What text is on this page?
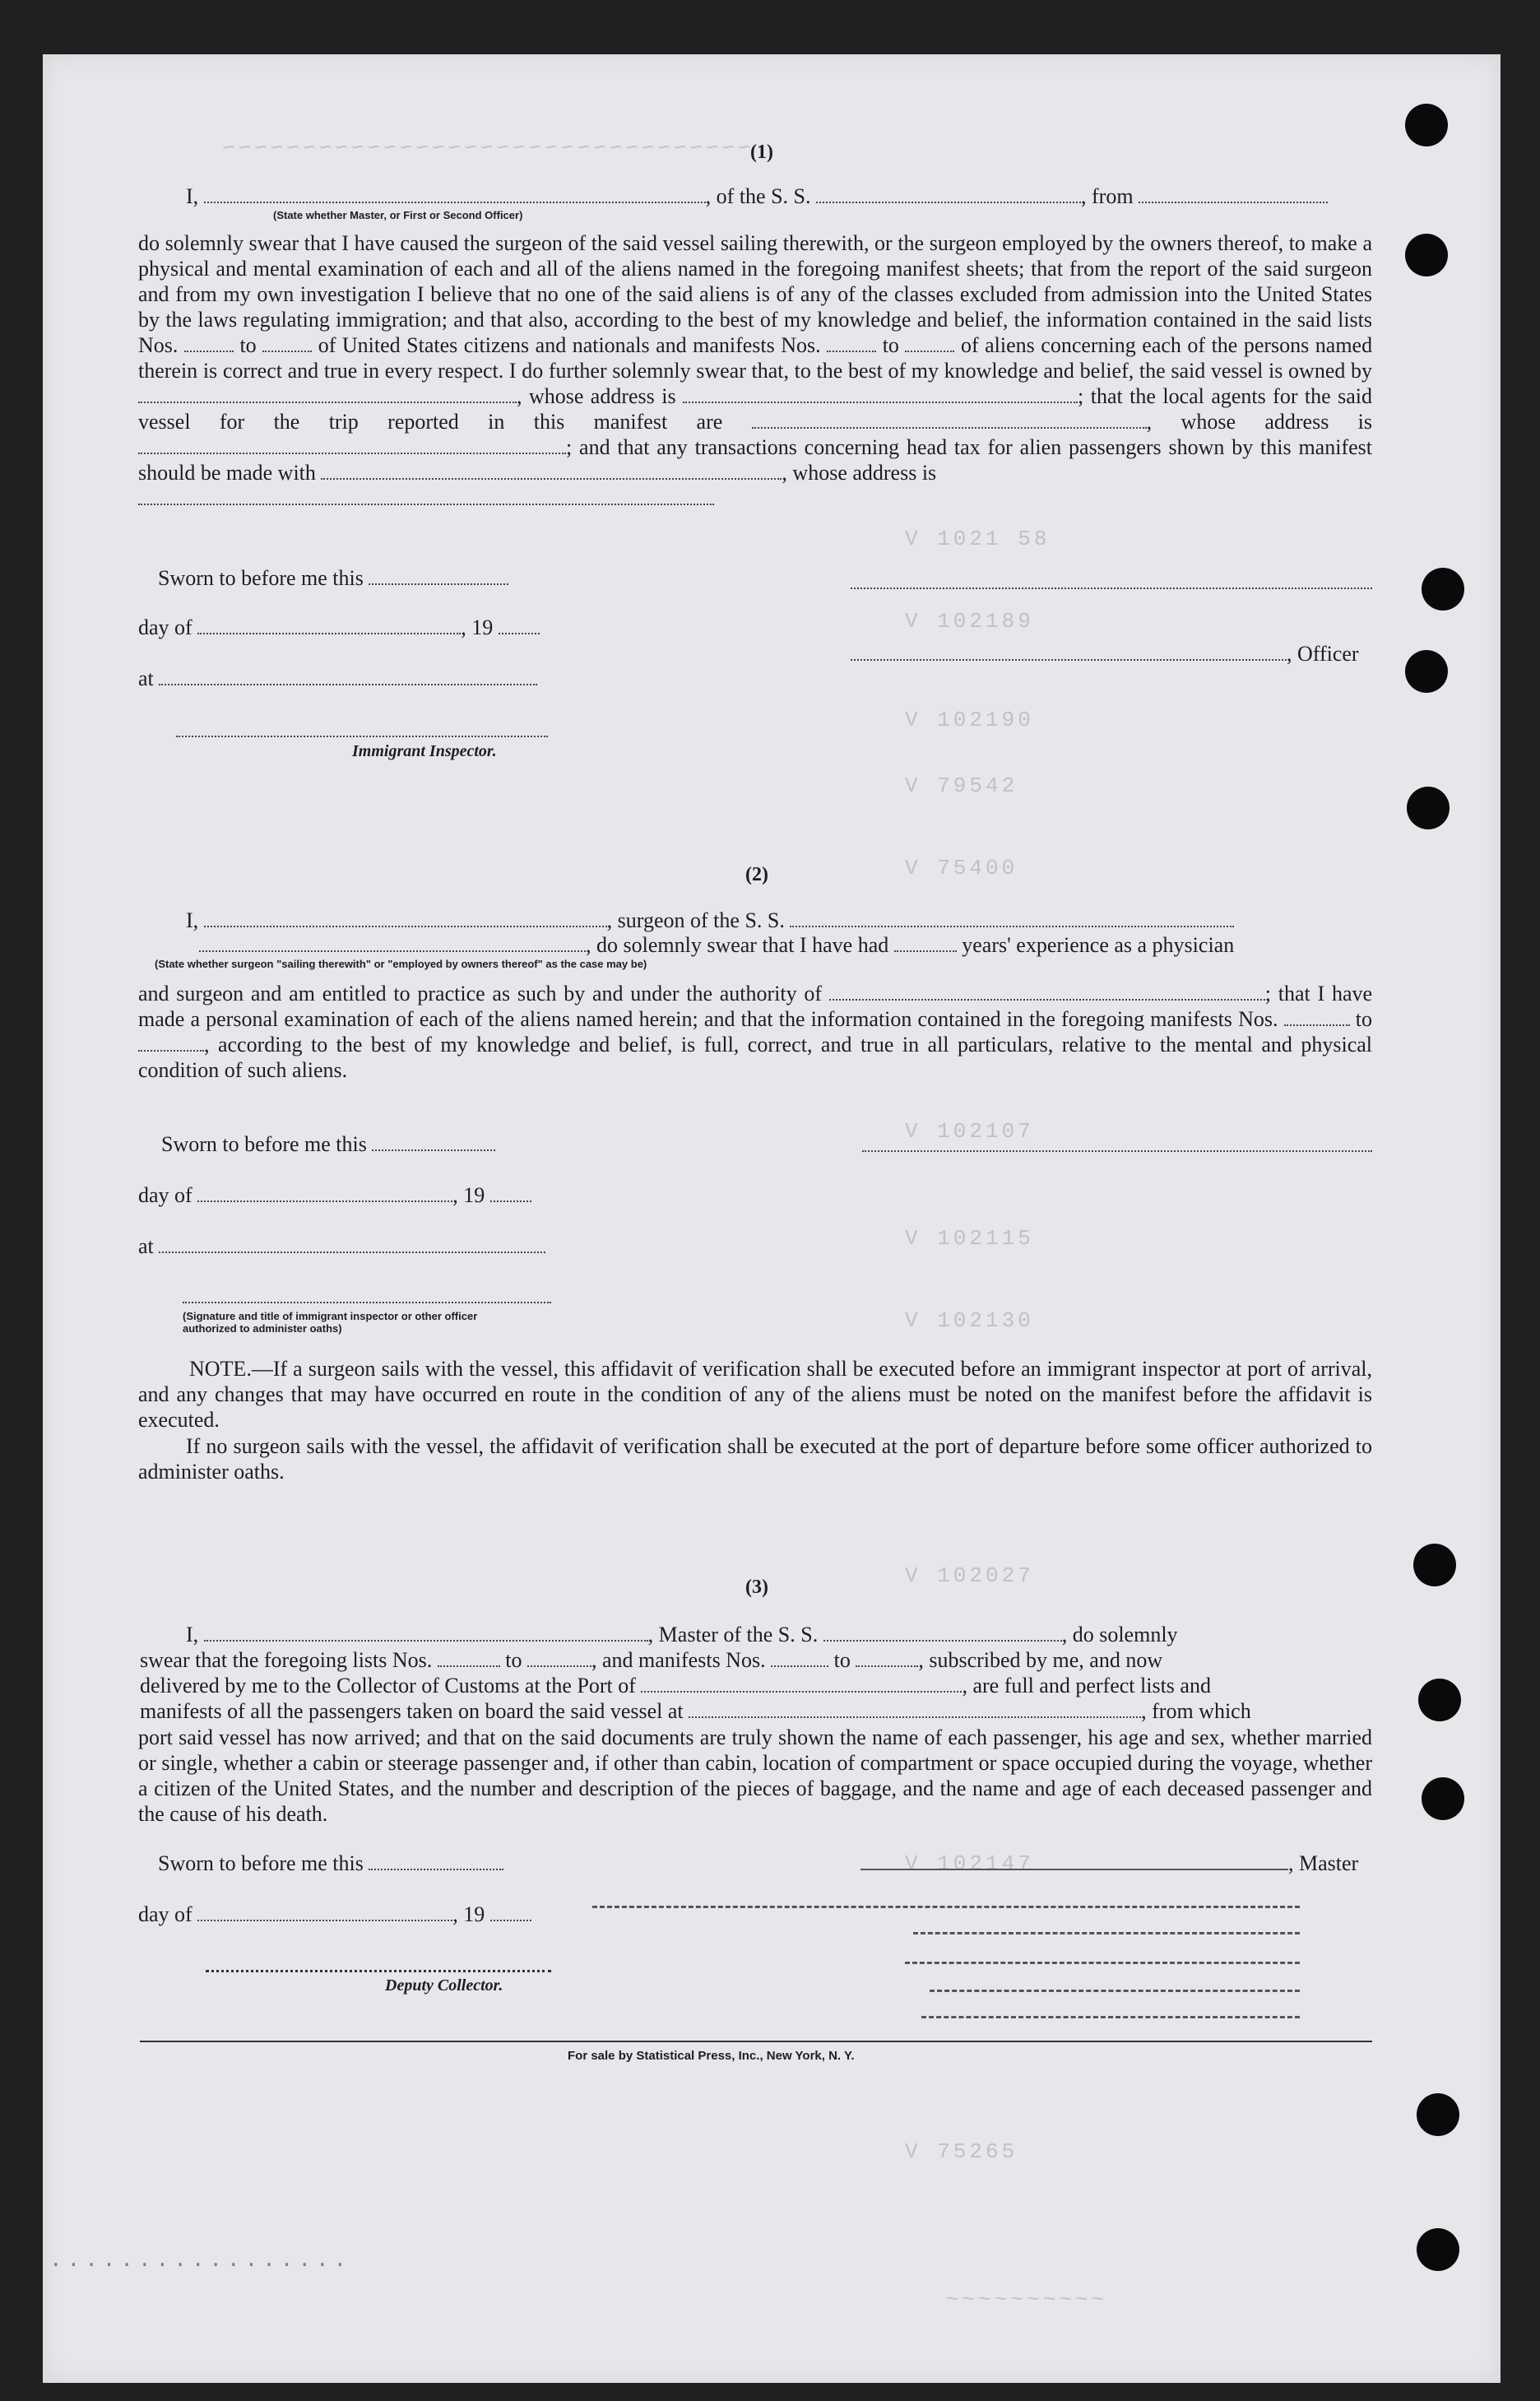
~~~~~~~~~~~~~~~~~~~~~~~~~~~~~~~~~
V 1021 58
V 102189
V 102190
V 79542
V 75400
V 102107
V 102115
V 102130
V 102027
V 102147
V 75265
~~~~~~~~~~
(1)
I,	, of the S. S.	, from
(State whether Master, or First or Second Officer)
do solemnly swear that I have caused the surgeon of the said vessel sailing therewith, or the surgeon employed by the owners thereof, to make a physical and mental examination of each and all of the aliens named in the foregoing manifest sheets; that from the report of the said surgeon and from my own investigation I believe that no one of the said aliens is of any of the classes excluded from admission into the United States by the laws regulating immigration; and that also, according to the best of my knowledge and belief, the information contained in the said lists Nos.	to	of United States citizens and nationals and manifests Nos.	to	of aliens concerning each of the persons named therein is correct and true in every respect. I do further solemnly swear that, to the best of my knowledge and belief, the said vessel is owned by , whose address is	; that the local agents for the said vessel for the trip reported in this manifest are	, whose address is ; and that any transactions concerning head tax for alien passengers shown by this manifest should be made with	, whose address is

Sworn to before me this
day of	, 19
at
Immigrant Inspector.
, Officer
(2)
I,	, surgeon of the S. S.
, do solemnly swear that I have had	years' experience as a physician
(State whether surgeon "sailing therewith" or "employed by owners thereof" as the case may be)
and surgeon and am entitled to practice as such by and under the authority of	; that I have made a personal examination of each of the aliens named herein; and that the information contained in the foregoing manifests Nos.	to , according to the best of my knowledge and belief, is full, correct, and true in all particulars, relative to the mental and physical condition of such aliens.
Sworn to before me this
day of	, 19
at
(Signature and title of immigrant inspector or other officer authorized to administer oaths)
NOTE.—If a surgeon sails with the vessel, this affidavit of verification shall be executed before an immigrant inspector at port of arrival, and any changes that may have occurred en route in the condition of any of the aliens must be noted on the manifest before the affidavit is executed.
If no surgeon sails with the vessel, the affidavit of verification shall be executed at the port of departure before some officer authorized to administer oaths.
(3)
I,	, Master of the S. S.	, do solemnly
swear that the foregoing lists Nos.	to	, and manifests Nos.	to	, subscribed by me, and now
delivered by me to the Collector of Customs at the Port of	, are full and perfect lists and
manifests of all the passengers taken on board the said vessel at	, from which
port said vessel has now arrived; and that on the said documents are truly shown the name of each passenger, his age and sex, whether married or single, whether a cabin or steerage passenger and, if other than cabin, location of compartment or space occupied during the voyage, whether a citizen of the United States, and the number and description of the pieces of baggage, and the name and age of each deceased passenger and the cause of his death.
Sworn to before me this	, Master
day of	, 19
Deputy Collector.
For sale by Statistical Press, Inc., New York, N. Y.
.................
